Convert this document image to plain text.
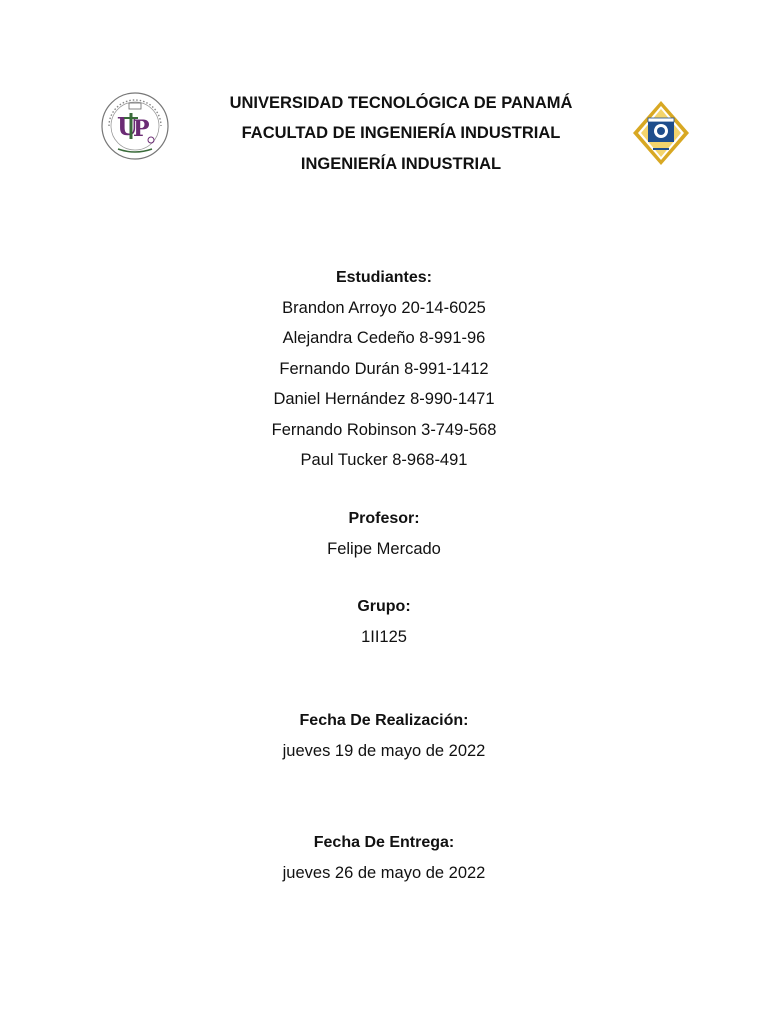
U
P
UNIVERSIDAD TECNOLÓGICA DE PANAMÁ
FACULTAD DE INGENIERÍA INDUSTRIAL
INGENIERÍA INDUSTRIAL
Estudiantes:
Brandon Arroyo 20-14-6025
Alejandra Cedeño 8-991-96
Fernando Durán 8-991-1412
Daniel Hernández 8-990-1471
Fernando Robinson 3-749-568
Paul Tucker 8-968-491
Profesor:
Felipe Mercado
Grupo:
1II125
Fecha De Realización:
jueves 19 de mayo de 2022
Fecha De Entrega:
jueves 26 de mayo de 2022
